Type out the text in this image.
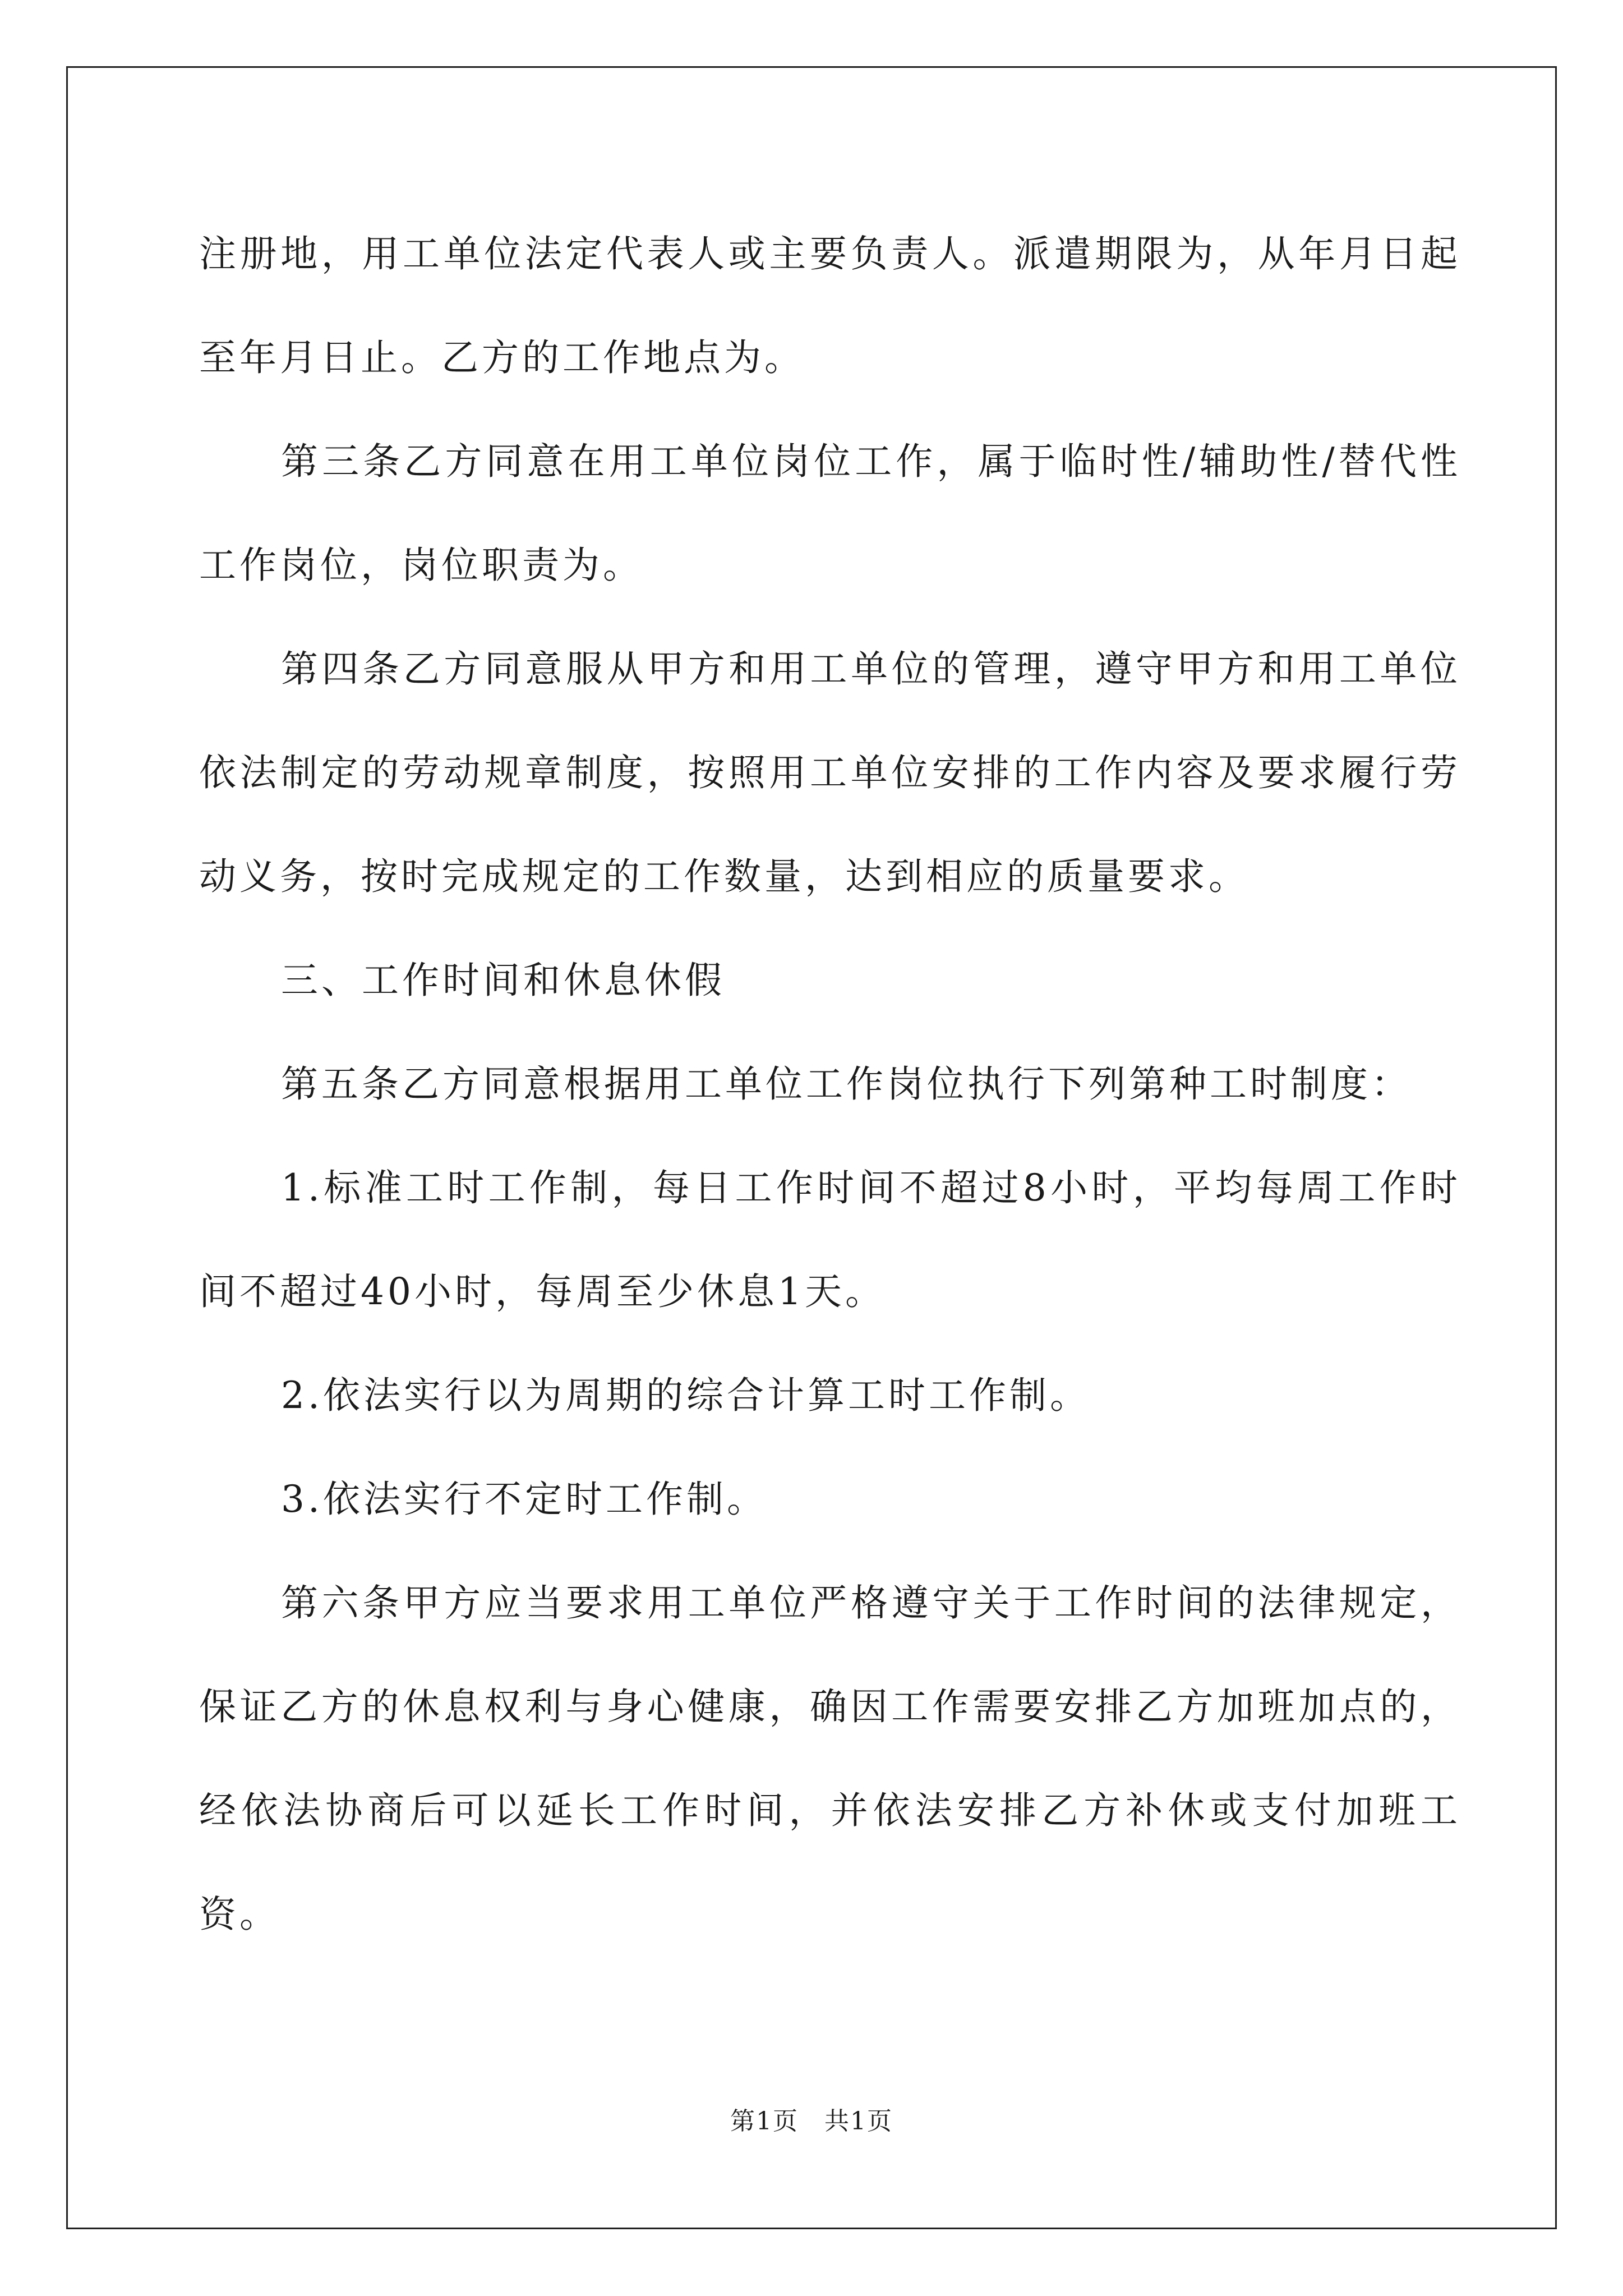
注册地，用工单位法定代表人或主要负责人。派遣期限为，从年月日起至年月日止。乙方的工作地点为。

第三条乙方同意在用工单位岗位工作，属于临时性/辅助性/替代性工作岗位，岗位职责为。

第四条乙方同意服从甲方和用工单位的管理，遵守甲方和用工单位依法制定的劳动规章制度，按照用工单位安排的工作内容及要求履行劳动义务，按时完成规定的工作数量，达到相应的质量要求。

三、工作时间和休息休假

第五条乙方同意根据用工单位工作岗位执行下列第种工时制度：

1.标准工时工作制，每日工作时间不超过8小时，平均每周工作时间不超过40小时，每周至少休息1天。

2.依法实行以为周期的综合计算工时工作制。

3.依法实行不定时工作制。

第六条甲方应当要求用工单位严格遵守关于工作时间的法律规定，保证乙方的休息权利与身心健康，确因工作需要安排乙方加班加点的，经依法协商后可以延长工作时间，并依法安排乙方补休或支付加班工资。

第1页 共1页
